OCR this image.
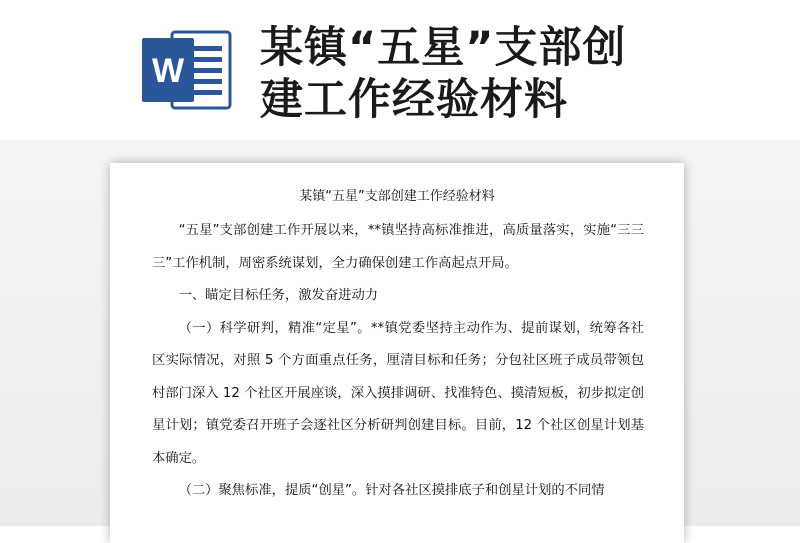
W 某镇“五星”支部创
建工作经验材料
某镇“五星”支部创建工作经验材料

“五星”支部创建工作开展以来，**镇坚持高标准推进，高质量落实，实施“三三三”工作机制，周密系统谋划，全力确保创建工作高起点开局。

一、瞄定目标任务，激发奋进动力

（一）科学研判，精准“定星”。**镇党委坚持主动作为、提前谋划，统筹各社区实际情况，对照 5 个方面重点任务，厘清目标和任务；分包社区班子成员带领包村部门深入 12 个社区开展座谈，深入摸排调研、找准特色、摸清短板，初步拟定创星计划；镇党委召开班子会逐社区分析研判创建目标。目前，12 个社区创星计划基本确定。

（二）聚焦标准，提质“创星”。针对各社区摸排底子和创星计划的不同情
